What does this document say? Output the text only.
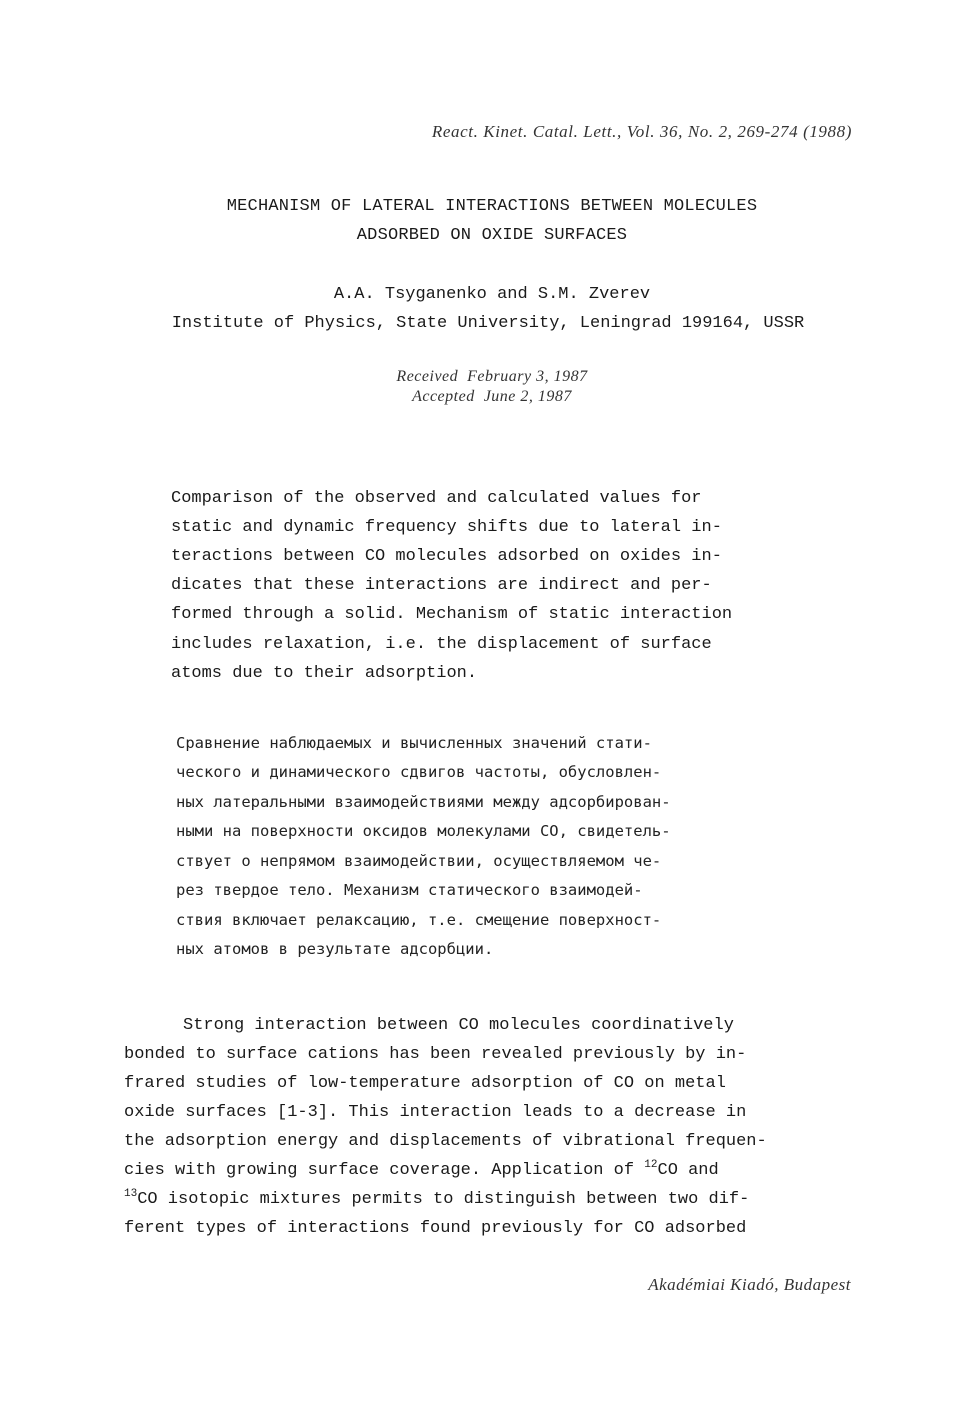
React. Kinet. Catal. Lett., Vol. 36, No. 2, 269-274 (1988)
MECHANISM OF LATERAL INTERACTIONS BETWEEN MOLECULES
ADSORBED ON OXIDE SURFACES
A.A. Tsyganenko and S.M. Zverev
Institute of Physics, State University, Leningrad 199164, USSR
Received  February 3, 1987
Accepted  June 2, 1987
Comparison of the observed and calculated values for
static and dynamic frequency shifts due to lateral in-
teractions between CO molecules adsorbed on oxides in-
dicates that these interactions are indirect and per-
formed through a solid. Mechanism of static interaction
includes relaxation, i.e. the displacement of surface
atoms due to their adsorption.
Сравнение наблюдаемых и вычисленных значений стати-
ческого и динамического сдвигов частоты, обусловлен-
ных латеральными взаимодействиями между адсорбирован-
ными на поверхности оксидов молекулами СО, свидетель-
ствует о непрямом взаимодействии, осуществляемом че-
рез твердое тело. Механизм статического взаимодей-
ствия включает релаксацию, т.е. смещение поверхност-
ных атомов в результате адсорбции.
Strong interaction between CO molecules coordinatively
bonded to surface cations has been revealed previously by in-
frared studies of low-temperature adsorption of CO on metal
oxide surfaces [1-3]. This interaction leads to a decrease in
the adsorption energy and displacements of vibrational frequen-
cies with growing surface coverage. Application of $^{12}$CO and
$^{13}$CO isotopic mixtures permits to distinguish between two dif-
ferent types of interactions found previously for CO adsorbed
Akadémiai Kiadó, Budapest
